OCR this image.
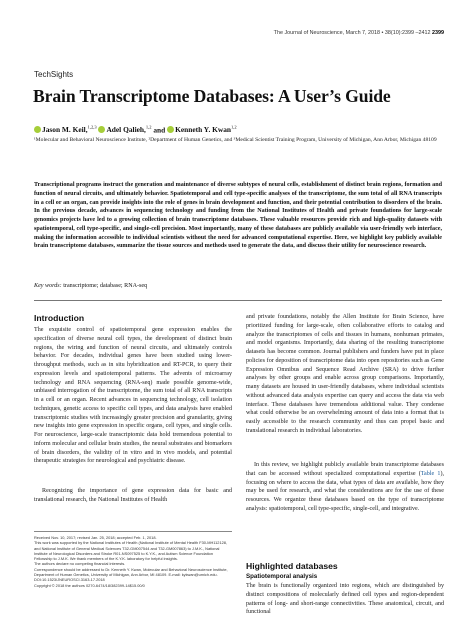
The Journal of Neuroscience, March 7, 2018 • 38(10):2399 –2412 2399
TechSights
Brain Transcriptome Databases: A User’s Guide
Jason M. Keil,$^{1,2,3}$ Adel Qalieh,$^{1,2}$ and Kenneth Y. Kwan$^{1,2}$
¹Molecular and Behavioral Neuroscience Institute, ²Department of Human Genetics, and ³Medical Scientist Training Program, University of Michigan, Ann Arbor, Michigan 48109
Transcriptional programs instruct the generation and maintenance of diverse subtypes of neural cells, establishment of distinct brain regions, formation and function of neural circuits, and ultimately behavior. Spatiotemporal and cell type-specific analyses of the transcriptome, the sum total of all RNA transcripts in a cell or an organ, can provide insights into the role of genes in brain development and function, and their potential contribution to disorders of the brain. In the previous decade, advances in sequencing technology and funding from the National Institutes of Health and private foundations for large-scale genomics projects have led to a growing collection of brain transcriptome databases. These valuable resources provide rich and high-quality datasets with spatiotemporal, cell type-specific, and single-cell precision. Most importantly, many of these databases are publicly available via user-friendly web interface, making the information accessible to individual scientists without the need for advanced computational expertise. Here, we highlight key publicly available brain transcriptome databases, summarize the tissue sources and methods used to generate the data, and discuss their utility for neuroscience research.
Key words: transcriptome; database; RNA-seq
Introduction

The exquisite control of spatiotemporal gene expression enables the specification of diverse neural cell types, the development of distinct brain regions, the wiring and function of neural circuits, and ultimately controls behavior. For decades, individual genes have been studied using lower-throughput methods, such as in situ hybridization and RT-PCR, to query their expression levels and spatiotemporal patterns. The advents of microarray technology and RNA sequencing (RNA-seq) made possible genome-wide, unbiased interrogation of the transcriptome, the sum total of all RNA transcripts in a cell or an organ. Recent advances in sequencing technology, cell isolation techniques, genetic access to specific cell types, and data analysis have enabled transcriptomic studies with increasingly greater precision and granularity, giving new insights into gene expression in specific organs, cell types, and single cells. For neuroscience, large-scale transcriptomic data hold tremendous potential to inform molecular and cellular brain studies, the neural substrates and biomarkers of brain disorders, the validity of in vitro and in vivo models, and potential therapeutic strategies for neurological and psychiatric disease.

Recognizing the importance of gene expression data for basic and translational research, the National Institutes of Health

Received Nov. 10, 2017; revised Jan. 25, 2018; accepted Feb. 1, 2018.
This work was supported by the National Institutes of Health (National Institute of Mental Health F30-MH112128, and National Institute of General Medical Sciences T32-GM007544 and T32-GM007863) to J.M.K., National Institute of Neurological Disorders and Stroke R01-NS097525 to K.Y.K., and Autism Science Foundation Fellowship to J.M.K. We thank members of the K.Y.K. laboratory for helpful insights.
The authors declare no competing financial interests.
Correspondence should be addressed to Dr. Kenneth Y. Kwan, Molecular and Behavioral Neuroscience Institute, Department of Human Genetics, University of Michigan, Ann Arbor, MI 48109. E-mail: kykwan@umich.edu.
DOI:10.1523/JNEUROSCI.3163-17.2018
Copyright © 2018 the authors 0270-6474/18/382399-14$15.00/0

and private foundations, notably the Allen Institute for Brain Science, have prioritized funding for large-scale, often collaborative efforts to catalog and analyze the transcriptomes of cells and tissues in humans, nonhuman primates, and model organisms. Importantly, data sharing of the resulting transcriptome datasets has become common. Journal publishers and funders have put in place policies for deposition of transcriptome data into open repositories such as Gene Expression Omnibus and Sequence Read Archive (SRA) to drive further analyses by other groups and enable across group comparisons. Importantly, many datasets are housed in user-friendly databases, where individual scientists without advanced data analysis expertise can query and access the data via web interface. These databases have tremendous additional value. They condense what could otherwise be an overwhelming amount of data into a format that is easily accessible to the research community and thus can propel basic and translational research in individual laboratories.

In this review, we highlight publicly available brain transcriptome databases that can be accessed without specialized computational expertise (Table 1), focusing on where to access the data, what types of data are available, how they may be used for research, and what the considerations are for the use of these resources. We organize these databases based on the type of transcriptome analysis: spatiotemporal, cell type-specific, single-cell, and integrative.

Highlighted databases
Spatiotemporal analysis

The brain is functionally organized into regions, which are distinguished by distinct compositions of molecularly defined cell types and region-dependent patterns of long- and short-range connectivities. These anatomical, circuit, and functional
